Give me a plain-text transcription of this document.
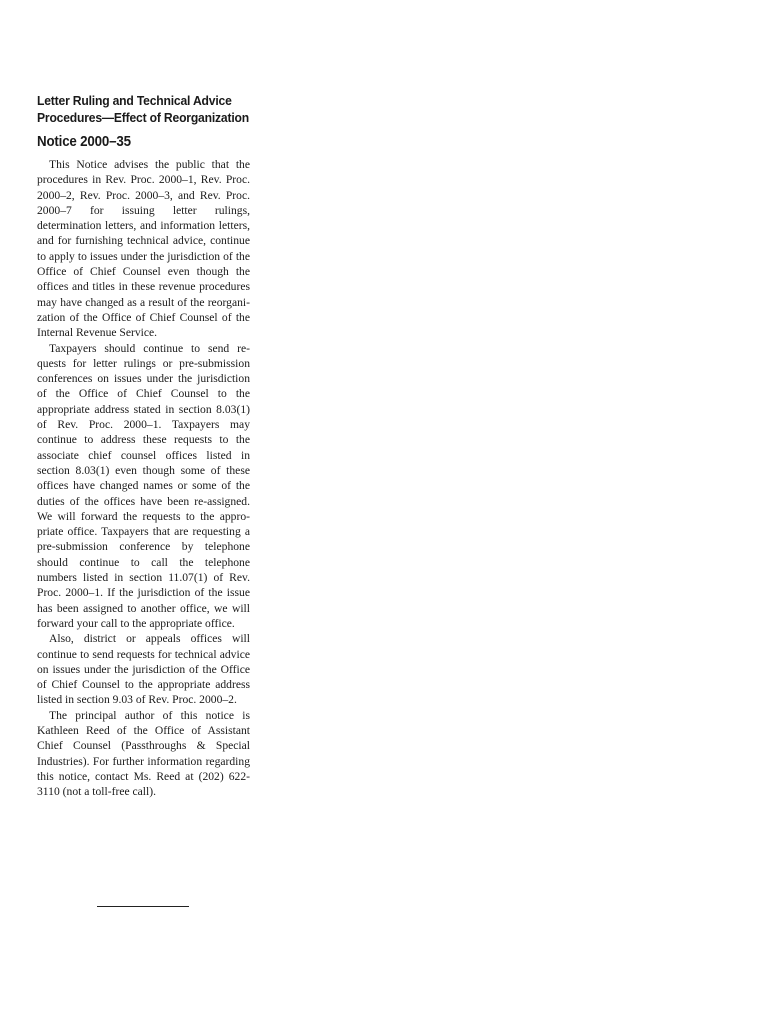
Letter Ruling and Technical Advice Procedures—Effect of Reorganization
Notice 2000–35

This Notice advises the public that the procedures in Rev. Proc. 2000–1, Rev. Proc. 2000–2, Rev. Proc. 2000–3, and Rev. Proc. 2000–7 for issuing letter rulings, determination letters, and information letters, and for furnishing technical advice, continue to apply to issues under the jurisdiction of the Office of Chief Counsel even though the offices and titles in these revenue procedures may have changed as a result of the reorganization of the Office of Chief Counsel of the Internal Revenue Service.

Taxpayers should continue to send requests for letter rulings or pre-submission conferences on issues under the jurisdiction of the Office of Chief Counsel to the appropriate address stated in section 8.03(1) of Rev. Proc. 2000–1. Taxpayers may continue to address these requests to the associate chief counsel offices listed in section 8.03(1) even though some of these offices have changed names or some of the duties of the offices have been re-assigned. We will forward the requests to the appropriate office. Taxpayers that are requesting a pre-submission conference by telephone should continue to call the telephone numbers listed in section 11.07(1) of Rev. Proc. 2000–1. If the jurisdiction of the issue has been assigned to another office, we will forward your call to the appropriate office.

Also, district or appeals offices will continue to send requests for technical advice on issues under the jurisdiction of the Office of Chief Counsel to the appropriate address listed in section 9.03 of Rev. Proc. 2000–2.

The principal author of this notice is Kathleen Reed of the Office of Assistant Chief Counsel (Passthroughs & Special Industries). For further information regarding this notice, contact Ms. Reed at (202) 622-3110 (not a toll-free call).
